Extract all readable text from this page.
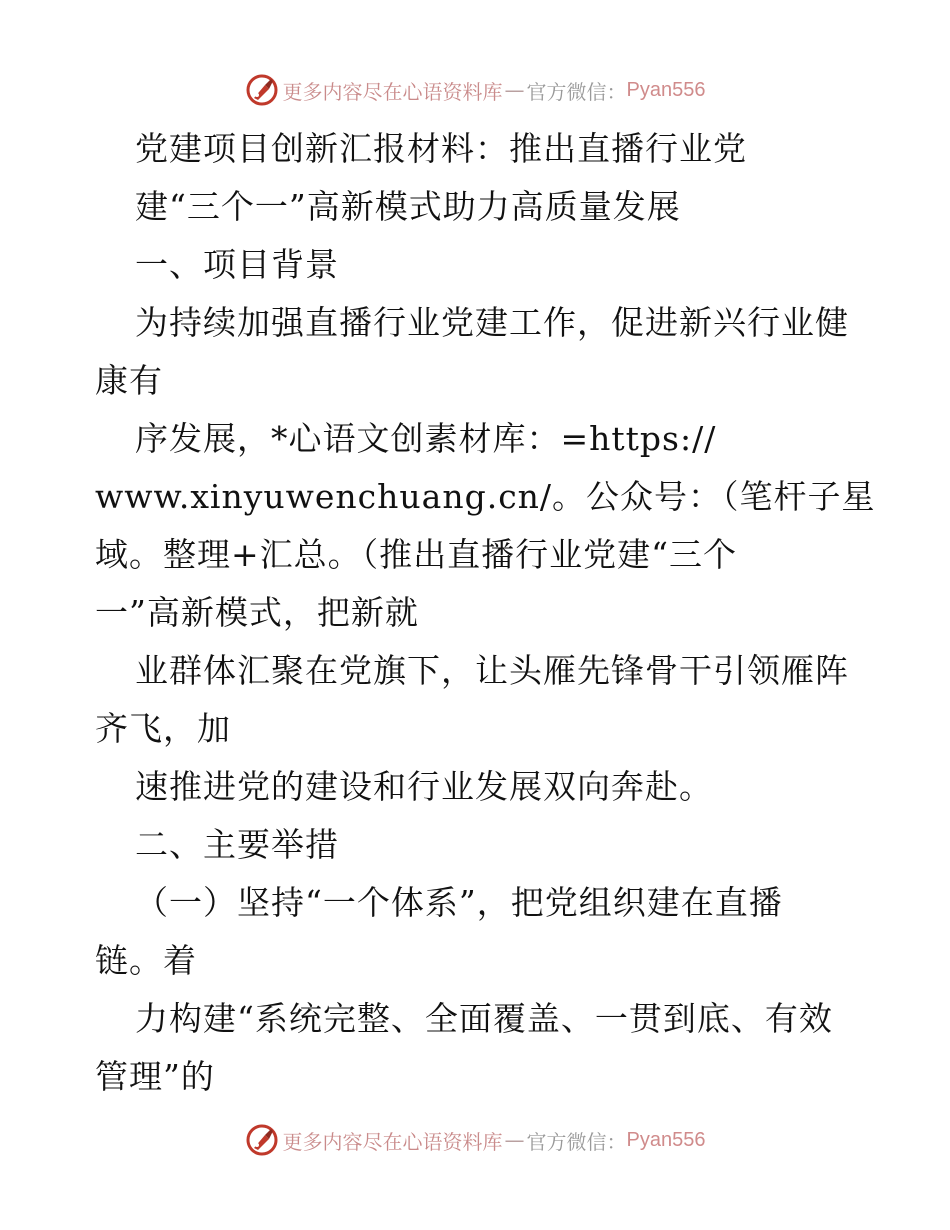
更多内容尽在心语资料库 — 官方微信： Pyan556
党建项目创新汇报材料：推出直播行业党
建“三个一”高新模式助力高质量发展
一、项目背景
为持续加强直播行业党建工作，促进新兴行业健
康有
序发展，*心语文创素材库：=https://
www.xinyuwenchuang.cn/。公众号：（笔杆子星
域。整理+汇总。（推出直播行业党建“三个
一”高新模式，把新就
业群体汇聚在党旗下，让头雁先锋骨干引领雁阵
齐飞，加
速推进党的建设和行业发展双向奔赴。
二、主要举措
（一）坚持“一个体系”，把党组织建在直播
链。着
力构建“系统完整、全面覆盖、一贯到底、有效
管理”的
更多内容尽在心语资料库 — 官方微信： Pyan556
